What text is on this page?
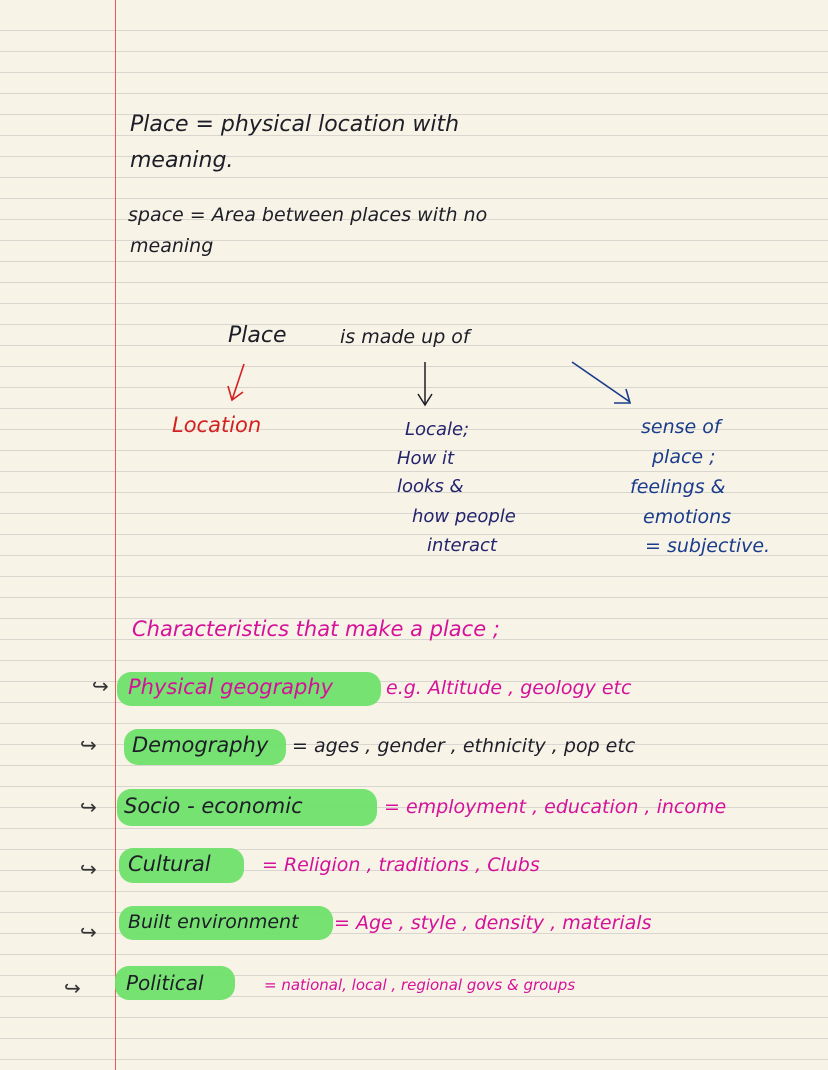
Place = physical location with
meaning.
space = Area between places with no
meaning
Place	is made up of
Location	Locale;
How it
looks &
how people
interact
sense of
place ;
feelings &
emotions
= subjective.
Characteristics that make a place ;
↪ Physical geography	e.g. Altitude , geology etc
↪ Demography = ages , gender , ethnicity , pop etc
↪ Socio - economic	= employment , education , income
↪ Cultural	= Religion , traditions , Clubs
↪ Built environment = Age , style , density , materials
↪ Political	= national, local , regional govs & groups
